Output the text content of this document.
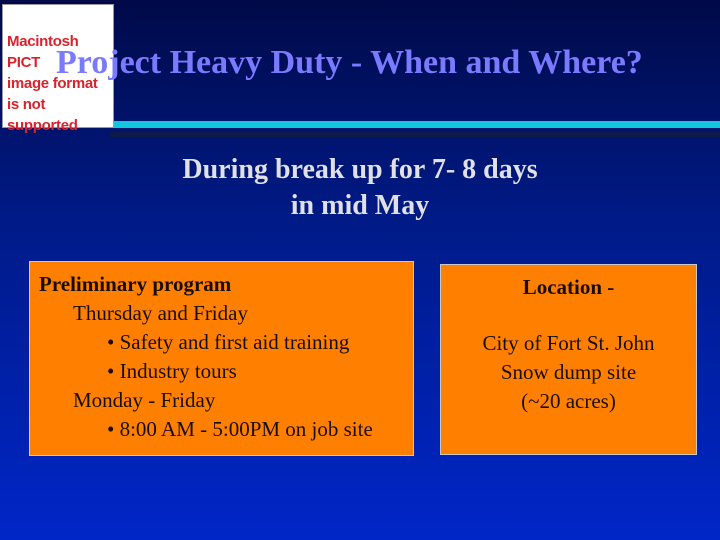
Macintosh PICT
image format
is not supported
Project Heavy Duty - When and Where?
During break up for 7- 8 days
in mid May
Preliminary program
Thursday and Friday
• Safety and first aid training
• Industry tours
Monday - Friday
• 8:00 AM - 5:00PM on job site
Location -
City of Fort St. John
Snow dump site
(~20 acres)
